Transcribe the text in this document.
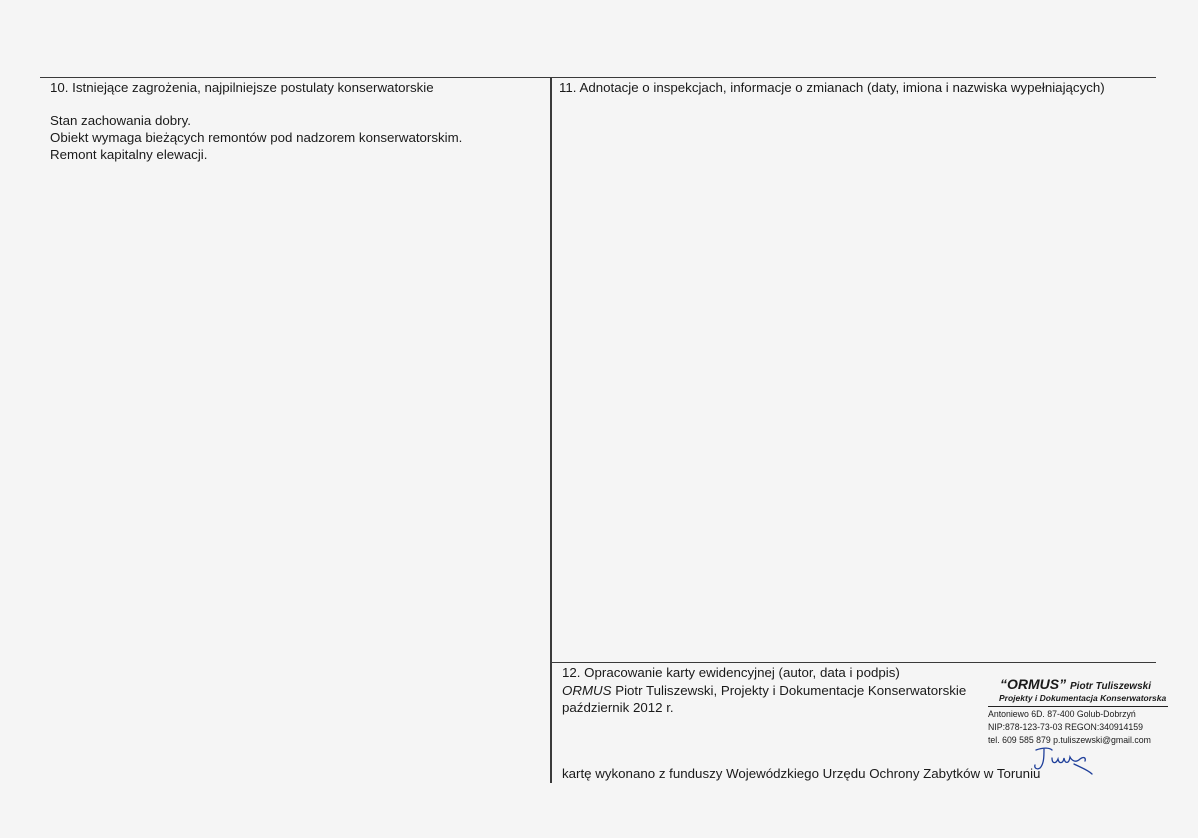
10. Istniejące zagrożenia, najpilniejsze postulaty konserwatorskie
Stan zachowania dobry.
Obiekt wymaga bieżących remontów pod nadzorem konserwatorskim.
Remont kapitalny elewacji.
11. Adnotacje o inspekcjach, informacje o zmianach (daty, imiona i nazwiska wypełniających)
12. Opracowanie karty ewidencyjnej (autor, data i podpis)
ORMUS Piotr Tuliszewski, Projekty i Dokumentacje Konserwatorskie
październik 2012 r.
kartę wykonano z funduszy Wojewódzkiego Urzędu Ochrony Zabytków w Toruniu
“ORMUS” Piotr Tuliszewski
Projekty i Dokumentacja Konserwatorska
Antoniewo 6D. 87-400 Golub-Dobrzyń
NIP:878-123-73-03 REGON:340914159
tel. 609 585 879 p.tuliszewski@gmail.com
